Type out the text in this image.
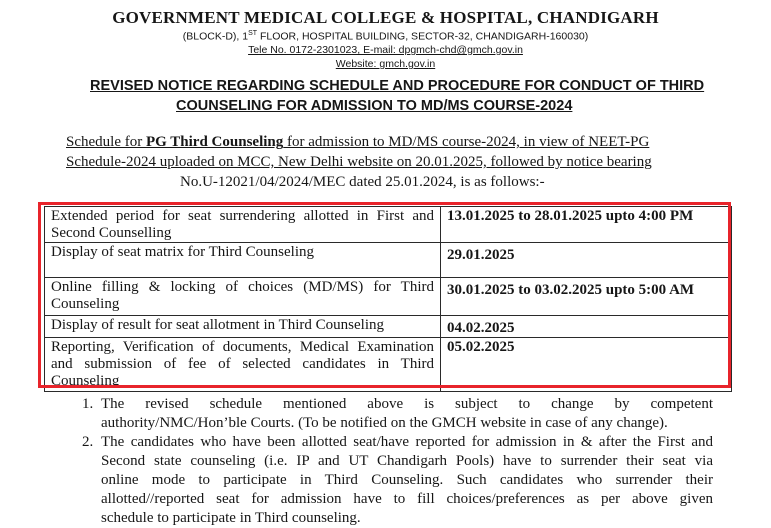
GOVERNMENT MEDICAL COLLEGE & HOSPITAL, CHANDIGARH
(BLOCK-D), 1ST FLOOR, HOSPITAL BUILDING, SECTOR-32, CHANDIGARH-160030)
Tele No. 0172-2301023, E-mail: dpgmch-chd@gmch.gov.in
Website: gmch.gov.in
REVISED NOTICE REGARDING SCHEDULE AND PROCEDURE FOR CONDUCT OF THIRD
COUNSELING FOR ADMISSION TO MD/MS COURSE-2024
Schedule for PG Third Counseling for admission to MD/MS course-2024, in view of NEET-PG
Schedule-2024 uploaded on MCC, New Delhi website on 20.01.2025, followed by notice bearing
No.U-12021/04/2024/MEC dated 25.01.2024, is as follows:-
Extended period for seat surrendering allotted in First and Second Counselling	13.01.2025 to 28.01.2025 upto 4:00 PM
Display of seat matrix for Third Counseling	29.01.2025
Online filling & locking of choices (MD/MS) for Third Counseling	30.01.2025 to 03.02.2025 upto 5:00 AM
Display of result for seat allotment in Third Counseling	04.02.2025
Reporting, Verification of documents, Medical Examination and submission of fee of selected candidates in Third Counseling	05.02.2025
1. The revised schedule mentioned above is subject to change by competent
authority/NMC/Hon’ble Courts. (To be notified on the GMCH website in case of any change).
2. The candidates who have been allotted seat/have reported for admission in & after the First and
Second state counseling (i.e. IP and UT Chandigarh Pools) have to surrender their seat via
online mode to participate in Third Counseling. Such candidates who surrender their
allotted//reported seat for admission have to fill choices/preferences as per above given
schedule to participate in Third counseling.
